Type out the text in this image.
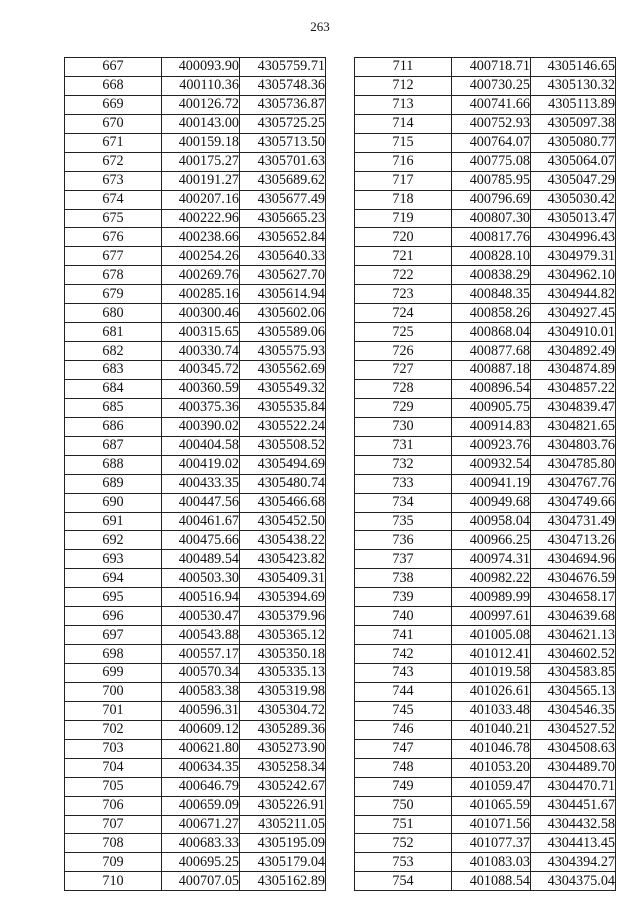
263
667	400093.90	4305759.71
668	400110.36	4305748.36
669	400126.72	4305736.87
670	400143.00	4305725.25
671	400159.18	4305713.50
672	400175.27	4305701.63
673	400191.27	4305689.62
674	400207.16	4305677.49
675	400222.96	4305665.23
676	400238.66	4305652.84
677	400254.26	4305640.33
678	400269.76	4305627.70
679	400285.16	4305614.94
680	400300.46	4305602.06
681	400315.65	4305589.06
682	400330.74	4305575.93
683	400345.72	4305562.69
684	400360.59	4305549.32
685	400375.36	4305535.84
686	400390.02	4305522.24
687	400404.58	4305508.52
688	400419.02	4305494.69
689	400433.35	4305480.74
690	400447.56	4305466.68
691	400461.67	4305452.50
692	400475.66	4305438.22
693	400489.54	4305423.82
694	400503.30	4305409.31
695	400516.94	4305394.69
696	400530.47	4305379.96
697	400543.88	4305365.12
698	400557.17	4305350.18
699	400570.34	4305335.13
700	400583.38	4305319.98
701	400596.31	4305304.72
702	400609.12	4305289.36
703	400621.80	4305273.90
704	400634.35	4305258.34
705	400646.79	4305242.67
706	400659.09	4305226.91
707	400671.27	4305211.05
708	400683.33	4305195.09
709	400695.25	4305179.04
710	400707.05	4305162.89
711	400718.71	4305146.65
712	400730.25	4305130.32
713	400741.66	4305113.89
714	400752.93	4305097.38
715	400764.07	4305080.77
716	400775.08	4305064.07
717	400785.95	4305047.29
718	400796.69	4305030.42
719	400807.30	4305013.47
720	400817.76	4304996.43
721	400828.10	4304979.31
722	400838.29	4304962.10
723	400848.35	4304944.82
724	400858.26	4304927.45
725	400868.04	4304910.01
726	400877.68	4304892.49
727	400887.18	4304874.89
728	400896.54	4304857.22
729	400905.75	4304839.47
730	400914.83	4304821.65
731	400923.76	4304803.76
732	400932.54	4304785.80
733	400941.19	4304767.76
734	400949.68	4304749.66
735	400958.04	4304731.49
736	400966.25	4304713.26
737	400974.31	4304694.96
738	400982.22	4304676.59
739	400989.99	4304658.17
740	400997.61	4304639.68
741	401005.08	4304621.13
742	401012.41	4304602.52
743	401019.58	4304583.85
744	401026.61	4304565.13
745	401033.48	4304546.35
746	401040.21	4304527.52
747	401046.78	4304508.63
748	401053.20	4304489.70
749	401059.47	4304470.71
750	401065.59	4304451.67
751	401071.56	4304432.58
752	401077.37	4304413.45
753	401083.03	4304394.27
754	401088.54	4304375.04
